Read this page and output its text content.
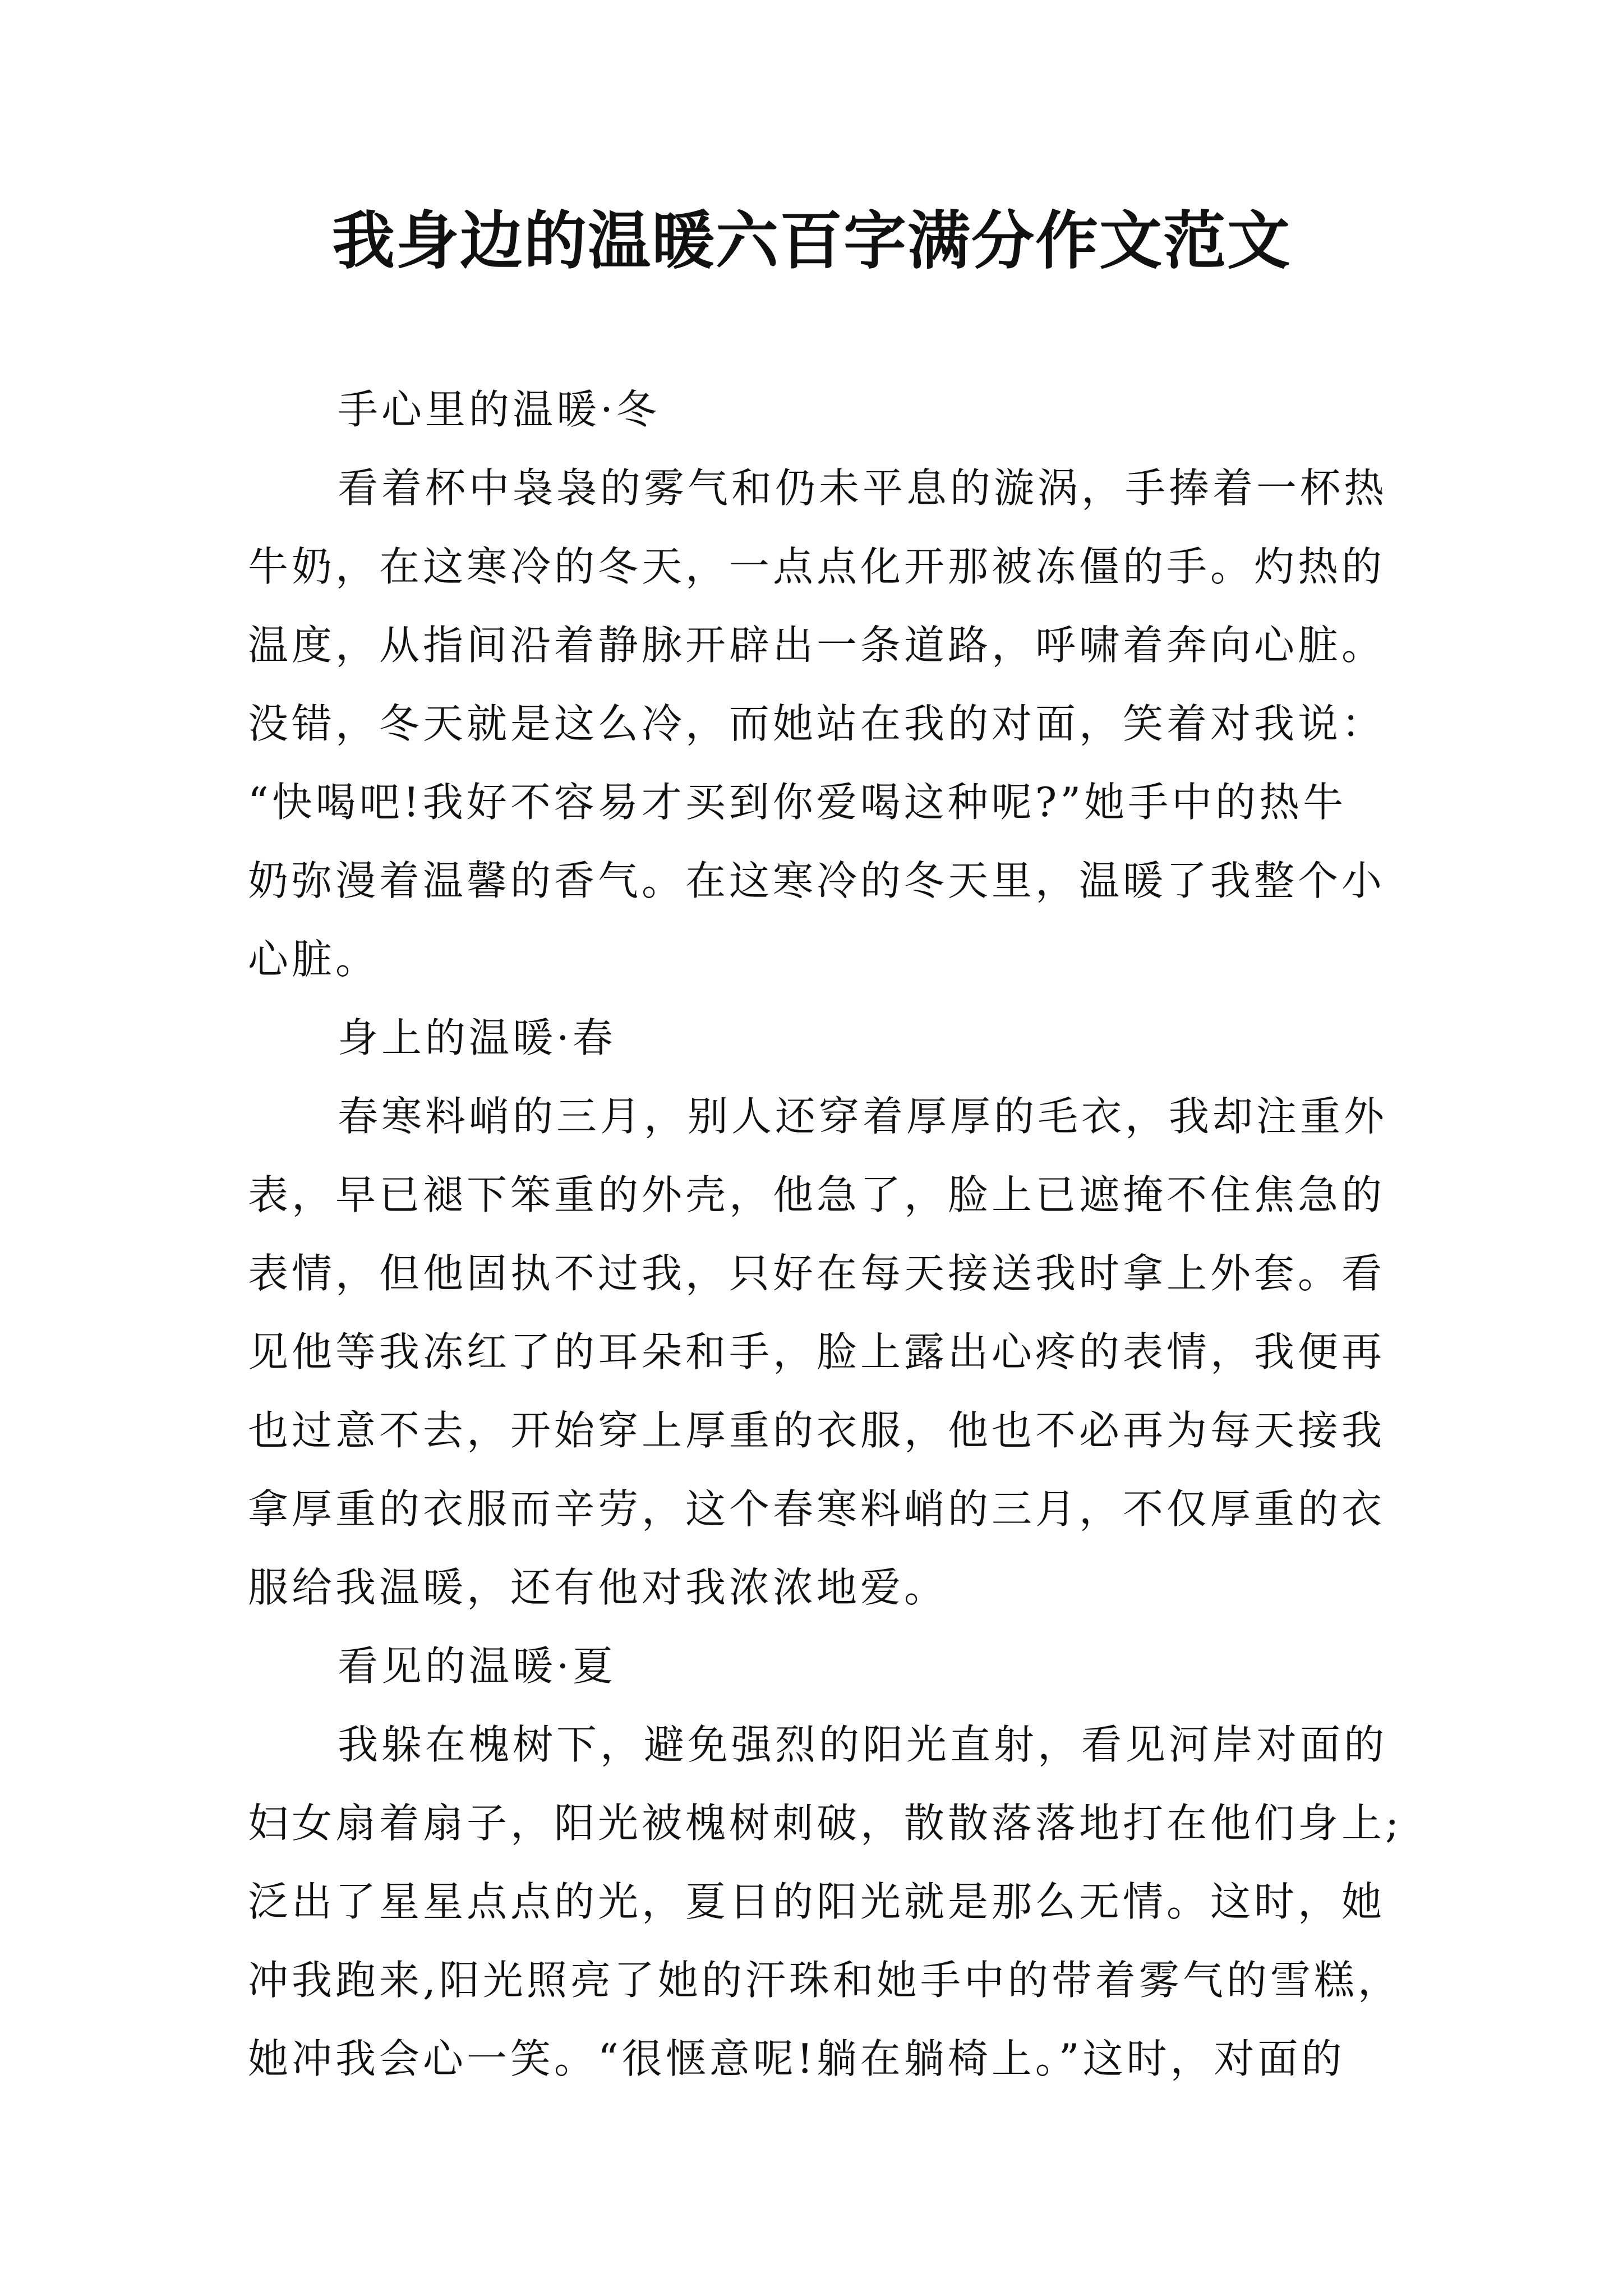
我身边的温暖六百字满分作文范文
手心里的温暖·冬
看着杯中袅袅的雾气和仍未平息的漩涡，手捧着一杯热
牛奶，在这寒冷的冬天，一点点化开那被冻僵的手。灼热的
温度，从指间沿着静脉开辟出一条道路，呼啸着奔向心脏。
没错，冬天就是这么冷，而她站在我的对面，笑着对我说：
“快喝吧!我好不容易才买到你爱喝这种呢?”她手中的热牛
奶弥漫着温馨的香气。在这寒冷的冬天里，温暖了我整个小
心脏。
身上的温暖·春
春寒料峭的三月，别人还穿着厚厚的毛衣，我却注重外
表，早已褪下笨重的外壳，他急了，脸上已遮掩不住焦急的
表情，但他固执不过我，只好在每天接送我时拿上外套。看
见他等我冻红了的耳朵和手，脸上露出心疼的表情，我便再
也过意不去，开始穿上厚重的衣服，他也不必再为每天接我
拿厚重的衣服而辛劳，这个春寒料峭的三月，不仅厚重的衣
服给我温暖，还有他对我浓浓地爱。
看见的温暖·夏
我躲在槐树下，避免强烈的阳光直射，看见河岸对面的
妇女扇着扇子，阳光被槐树刺破，散散落落地打在他们身上;
泛出了星星点点的光，夏日的阳光就是那么无情。这时，她
冲我跑来,阳光照亮了她的汗珠和她手中的带着雾气的雪糕，
她冲我会心一笑。“很惬意呢!躺在躺椅上。”这时，对面的
